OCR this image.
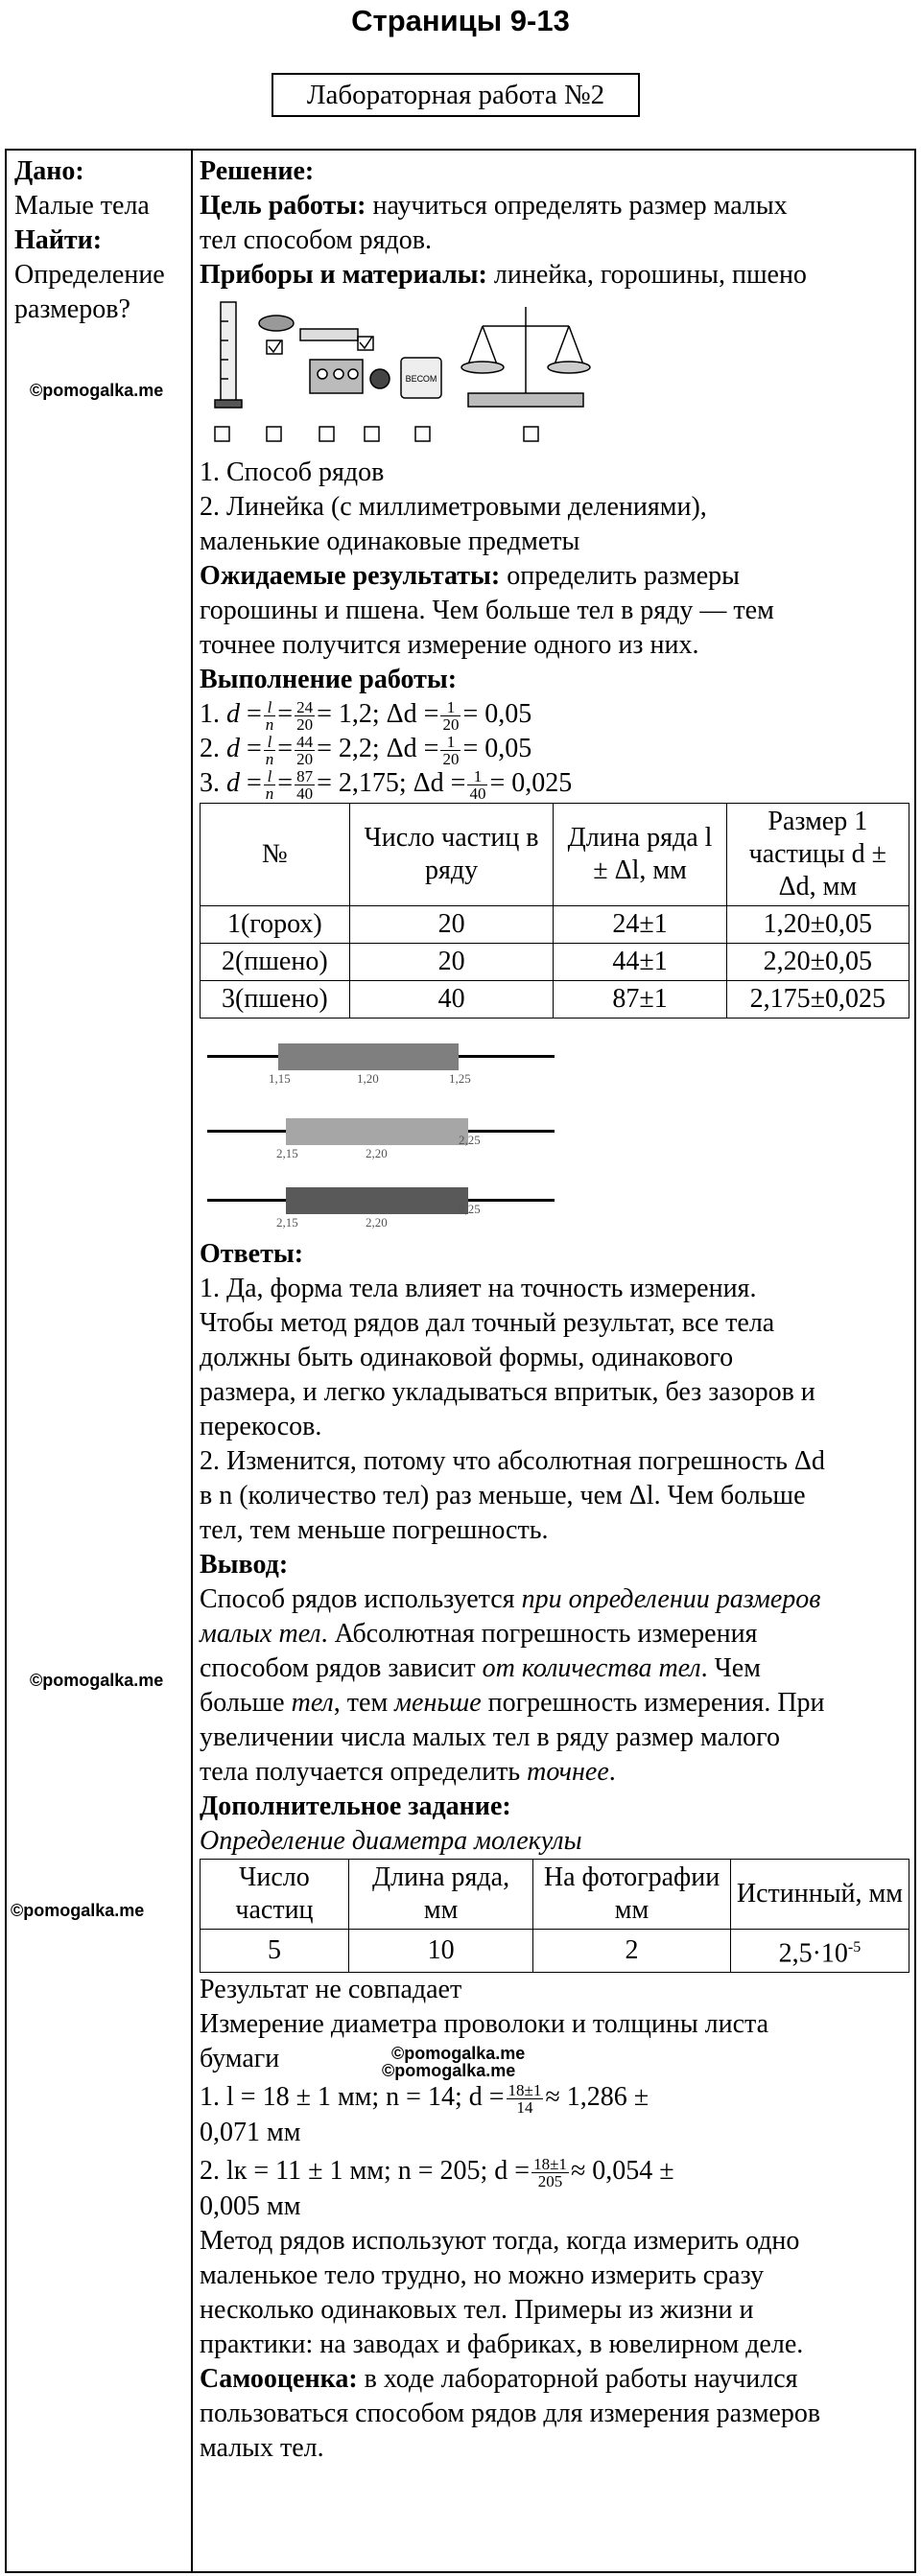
Страницы 9-13
Лабораторная работа №2
Дано:
Малые тела
Найти:
Определение
размеров?
©pomogalka.me
©pomogalka.me
©pomogalka.me
Решение:
Цель работы: научиться определять размер малых
тел способом рядов.
Приборы и материалы: линейка, горошины, пшено
ВЕСОМ
1. Способ рядов
2. Линейка (с миллиметровыми делениями),
маленькие одинаковые предметы
Ожидаемые результаты: определить размеры
горошины и пшена. Чем больше тел в ряду — тем
точнее получится измерение одного из них.
Выполнение работы:
1. $d = \frac{l}{n} = \frac{24}{20} = 1,2$; $\Delta d = \frac{1}{20} = 0,05$
2. $d = \frac{l}{n} = \frac{44}{20} = 2,2$; $\Delta d = \frac{1}{20} = 0,05$
3. $d = \frac{l}{n} = \frac{87}{40} = 2,175$; $\Delta d = \frac{1}{40} = 0,025$
№	Число частиц в ряду	Длина ряда l ± Δl, мм	Размер 1 частицы d ± Δd, мм
1(горох)	20	24±1	1,20±0,05
2(пшено)	20	44±1	2,20±0,05
3(пшено)	40	87±1	2,175±0,025
1,15	1,20	1,25
2,15	2,20
2,25
2,15	2,20
2,25
Ответы:
1. Да, форма тела влияет на точность измерения.
Чтобы метод рядов дал точный результат, все тела
должны быть одинаковой формы, одинакового
размера, и легко укладываться впритык, без зазоров и
перекосов.
2. Изменится, потому что абсолютная погрешность Δd
в n (количество тел) раз меньше, чем Δl. Чем больше
тел, тем меньше погрешность.
Вывод:
Способ рядов используется при определении размеров
малых тел. Абсолютная погрешность измерения
способом рядов зависит от количества тел. Чем
больше тел, тем меньше погрешность измерения. При
увеличении числа малых тел в ряду размер малого
тела получается определить точнее.
Дополнительное задание:
Определение диаметра молекулы
Число частиц	Длина ряда, мм	На фотографии мм	Истинный, мм
5	10	2	$2,5\cdot 10^{-5}$
Результат не совпадает
Измерение диаметра проволоки и толщины листа
бумаги	©pomogalka.me
©pomogalka.me
1. l = 18 ± 1 мм; n = 14; $d = \frac{18\pm 1}{14} \approx 1,286$ ±
0,071 мм
2. lк = 11 ± 1 мм; n = 205; $d = \frac{18\pm 1}{205} \approx 0,054$ ±
0,005 мм
Метод рядов используют тогда, когда измерить одно
маленькое тело трудно, но можно измерить сразу
несколько одинаковых тел. Примеры из жизни и
практики: на заводах и фабриках, в ювелирном деле.
Самооценка: в ходе лабораторной работы научился
пользоваться способом рядов для измерения размеров
малых тел.
